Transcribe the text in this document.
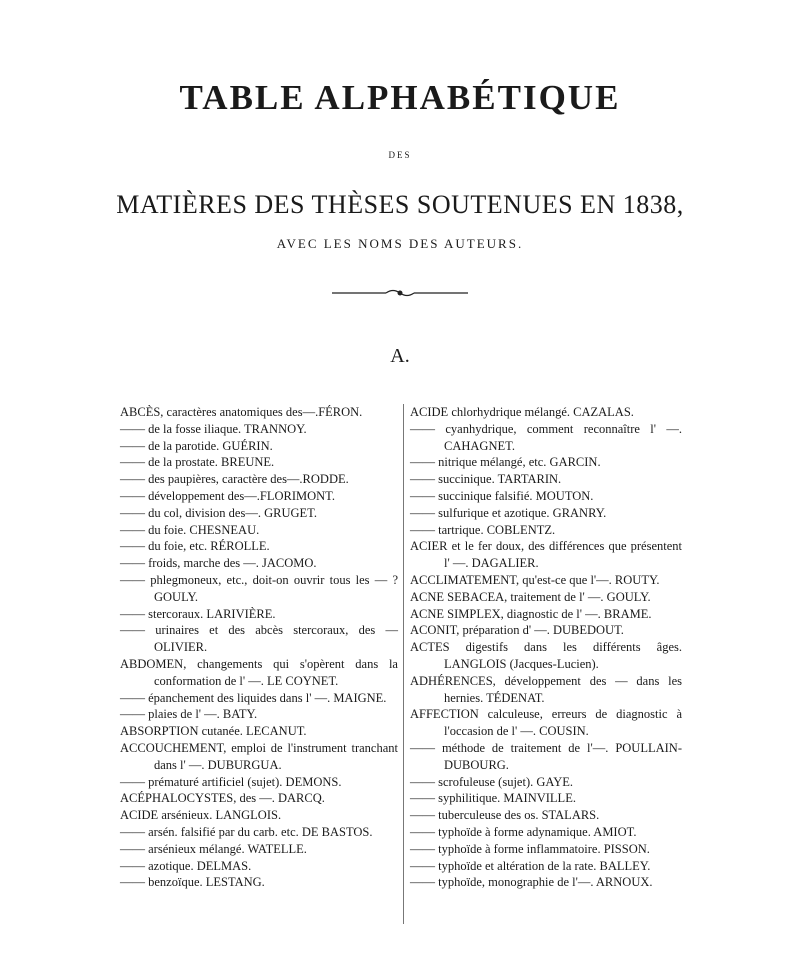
TABLE ALPHABÉTIQUE
DES
MATIÈRES DES THÈSES SOUTENUES EN 1838,
AVEC LES NOMS DES AUTEURS.
A.
ABCÈS, caractères anatomiques des—.FÉRON.
—— de la fosse iliaque. TRANNOY.
—— de la parotide. GUÉRIN.
—— de la prostate. BREUNE.
—— des paupières, caractère des—.RODDE.
—— développement des—.FLORIMONT.
—— du col, division des—. GRUGET.
—— du foie. CHESNEAU.
—— du foie, etc. RÉROLLE.
—— froids, marche des —. JACOMO.
—— phlegmoneux, etc., doit-on ouvrir tous les — ? GOULY.
—— stercoraux. LARIVIÈRE.
—— urinaires et des abcès stercoraux, des — OLIVIER.
ABDOMEN, changements qui s'opèrent dans la conformation de l' —. LE COYNET.
—— épanchement des liquides dans l' —. MAIGNE.
—— plaies de l' —. BATY.
ABSORPTION cutanée. LECANUT.
ACCOUCHEMENT, emploi de l'instrument tranchant dans l' —. DUBURGUA.
—— prématuré artificiel (sujet). DEMONS.
ACÉPHALOCYSTES, des —. DARCQ.
ACIDE arsénieux. LANGLOIS.
—— arsén. falsifié par du carb. etc. DE BASTOS.
—— arsénieux mélangé. WATELLE.
—— azotique. DELMAS.
—— benzoïque. LESTANG.
ACIDE chlorhydrique mélangé. CAZALAS.
—— cyanhydrique, comment reconnaître l' —. CAHAGNET.
—— nitrique mélangé, etc. GARCIN.
—— succinique. TARTARIN.
—— succinique falsifié. MOUTON.
—— sulfurique et azotique. GRANRY.
—— tartrique. COBLENTZ.
ACIER et le fer doux, des différences que présentent l' —. DAGALIER.
ACCLIMATEMENT, qu'est-ce que l'—. ROUTY.
ACNE SEBACEA, traitement de l' —. GOULY.
ACNE SIMPLEX, diagnostic de l' —. BRAME.
ACONIT, préparation d' —. DUBEDOUT.
ACTES digestifs dans les différents âges. LANGLOIS (Jacques-Lucien).
ADHÉRENCES, développement des — dans les hernies. TÉDENAT.
AFFECTION calculeuse, erreurs de diagnostic à l'occasion de l' —. COUSIN.
—— méthode de traitement de l'—. POULLAIN-DUBOURG.
—— scrofuleuse (sujet). GAYE.
—— syphilitique. MAINVILLE.
—— tuberculeuse des os. STALARS.
—— typhoïde à forme adynamique. AMIOT.
—— typhoïde à forme inflammatoire. PISSON.
—— typhoïde et altération de la rate. BALLEY.
—— typhoïde, monographie de l'—. ARNOUX.
